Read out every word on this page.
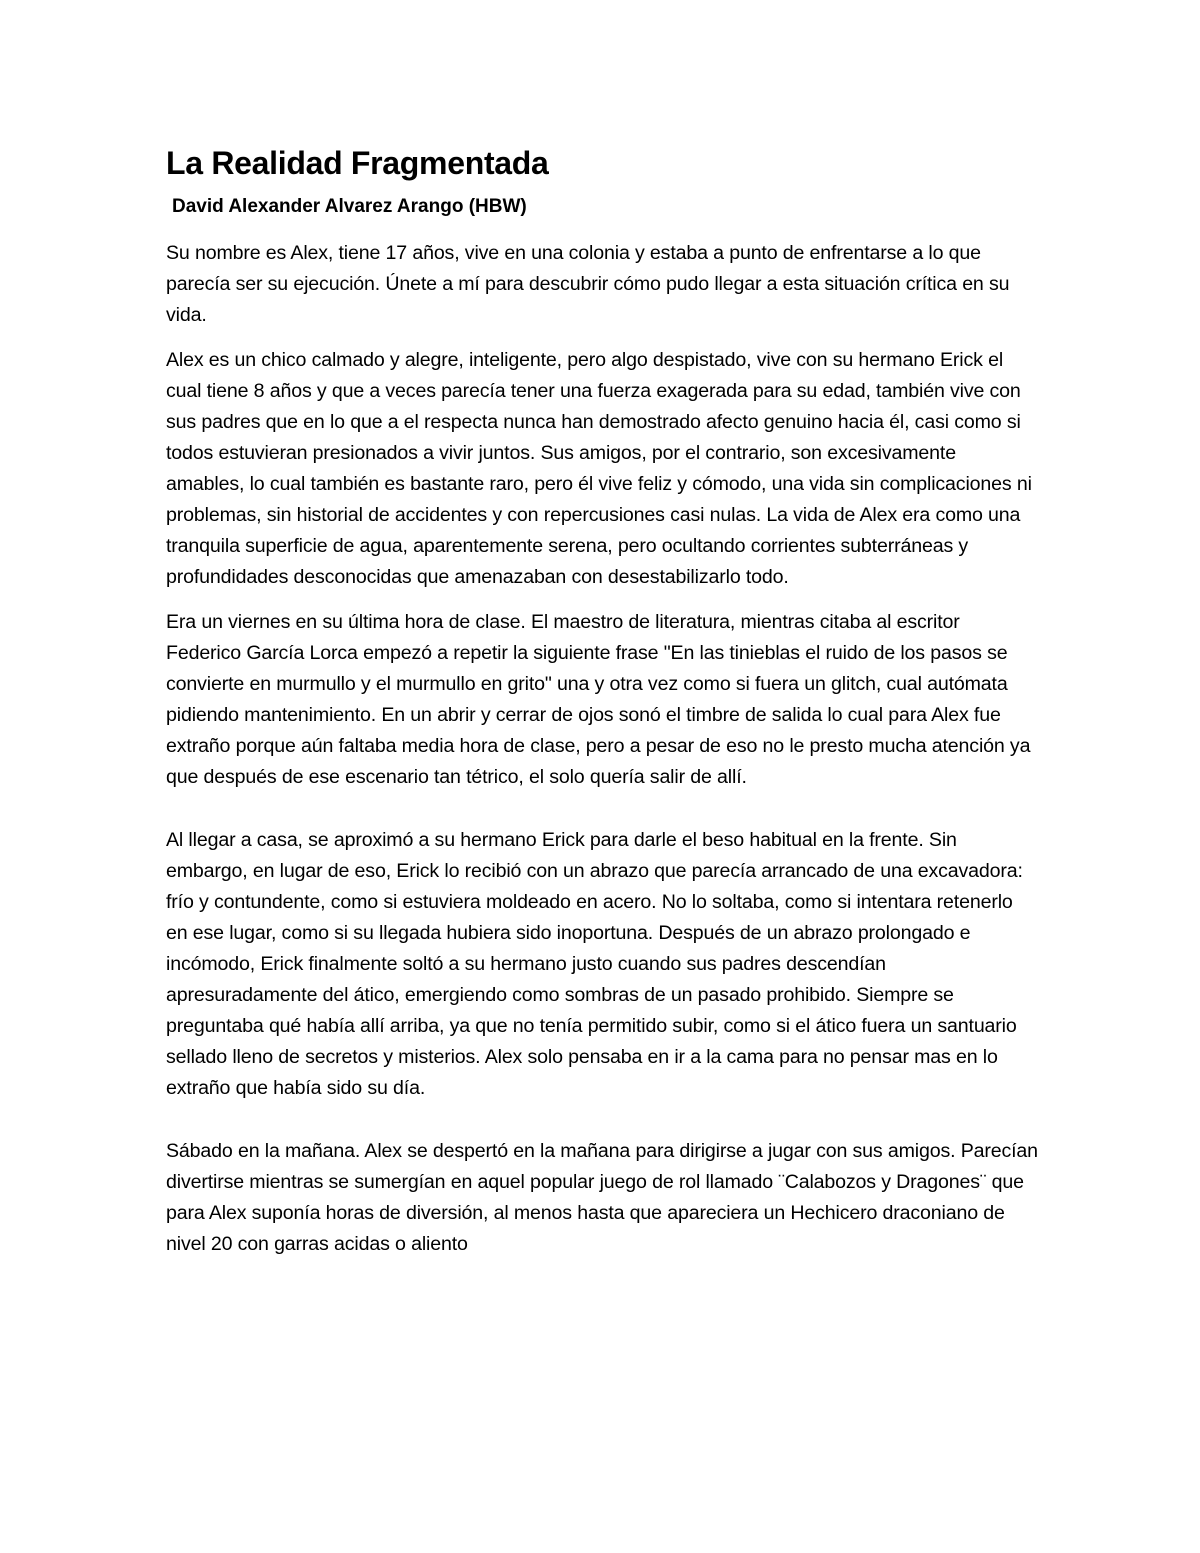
La Realidad Fragmentada
David Alexander Alvarez Arango (HBW)

Su nombre es Alex, tiene 17 años, vive en una colonia y estaba a punto de enfrentarse a lo que parecía ser su ejecución. Únete a mí para descubrir cómo pudo llegar a esta situación crítica en su vida.

Alex es un chico calmado y alegre, inteligente, pero algo despistado, vive con su hermano Erick el cual tiene 8 años y que a veces parecía tener una fuerza exagerada para su edad, también vive con sus padres que en lo que a el respecta nunca han demostrado afecto genuino hacia él, casi como si todos estuvieran presionados a vivir juntos. Sus amigos, por el contrario, son excesivamente amables, lo cual también es bastante raro, pero él vive feliz y cómodo, una vida sin complicaciones ni problemas, sin historial de accidentes y con repercusiones casi nulas. La vida de Alex era como una tranquila superficie de agua, aparentemente serena, pero ocultando corrientes subterráneas y profundidades desconocidas que amenazaban con desestabilizarlo todo.

Era un viernes en su última hora de clase. El maestro de literatura, mientras citaba al escritor Federico García Lorca empezó a repetir la siguiente frase "En las tinieblas el ruido de los pasos se convierte en murmullo y el murmullo en grito" una y otra vez como si fuera un glitch, cual autómata pidiendo mantenimiento. En un abrir y cerrar de ojos sonó el timbre de salida lo cual para Alex fue extraño porque aún faltaba media hora de clase, pero a pesar de eso no le presto mucha atención ya que después de ese escenario tan tétrico, el solo quería salir de allí.

Al llegar a casa, se aproximó a su hermano Erick para darle el beso habitual en la frente. Sin embargo, en lugar de eso, Erick lo recibió con un abrazo que parecía arrancado de una excavadora: frío y contundente, como si estuviera moldeado en acero. No lo soltaba, como si intentara retenerlo en ese lugar, como si su llegada hubiera sido inoportuna. Después de un abrazo prolongado e incómodo, Erick finalmente soltó a su hermano justo cuando sus padres descendían apresuradamente del ático, emergiendo como sombras de un pasado prohibido. Siempre se preguntaba qué había allí arriba, ya que no tenía permitido subir, como si el ático fuera un santuario sellado lleno de secretos y misterios. Alex solo pensaba en ir a la cama para no pensar mas en lo extraño que había sido su día.

Sábado en la mañana. Alex se despertó en la mañana para dirigirse a jugar con sus amigos. Parecían divertirse mientras se sumergían en aquel popular juego de rol llamado ¨Calabozos y Dragones¨ que para Alex suponía horas de diversión, al menos hasta que apareciera un Hechicero draconiano de nivel 20 con garras acidas o aliento
